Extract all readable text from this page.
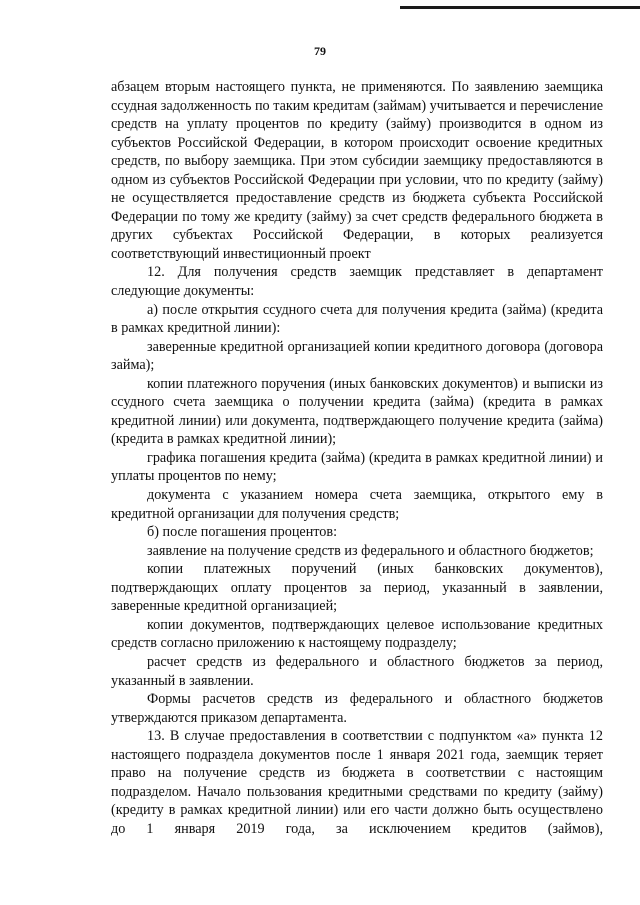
79

абзацем вторым настоящего пункта, не применяются. По заявлению заемщика ссудная задолженность по таким кредитам (займам) учитывается и перечисление средств на уплату процентов по кредиту (займу) производится в одном из субъектов Российской Федерации, в котором происходит освоение кредитных средств, по выбору заемщика. При этом субсидии заемщику предоставляются в одном из субъектов Российской Федерации при условии, что по кредиту (займу) не осуществляется предоставление средств из бюджета субъекта Российской Федерации по тому же кредиту (займу) за счет средств федерального бюджета в других субъектах Российской Федерации, в которых реализуется соответствующий инвестиционный проект

12. Для получения средств заемщик представляет в департамент следующие документы:

а) после открытия ссудного счета для получения кредита (займа) (кредита в рамках кредитной линии):

заверенные кредитной организацией копии кредитного договора (договора займа);

копии платежного поручения (иных банковских документов) и выписки из ссудного счета заемщика о получении кредита (займа) (кредита в рамках кредитной линии) или документа, подтверждающего получение кредита (займа) (кредита в рамках кредитной линии);

графика погашения кредита (займа) (кредита в рамках кредитной линии) и уплаты процентов по нему;

документа с указанием номера счета заемщика, открытого ему в кредитной организации для получения средств;

б) после погашения процентов:

заявление на получение средств из федерального и областного бюджетов;

копии платежных поручений (иных банковских документов), подтверждающих оплату процентов за период, указанный в заявлении, заверенные кредитной организацией;

копии документов, подтверждающих целевое использование кредитных средств согласно приложению к настоящему подразделу;

расчет средств из федерального и областного бюджетов за период, указанный в заявлении.

Формы расчетов средств из федерального и областного бюджетов утверждаются приказом департамента.

13. В случае предоставления в соответствии с подпунктом «а» пункта 12 настоящего подраздела документов после 1 января 2021 года, заемщик теряет право на получение средств из бюджета в соответствии с настоящим подразделом. Начало пользования кредитными средствами по кредиту (займу) (кредиту в рамках кредитной линии) или его части должно быть осуществлено до 1 января 2019 года, за исключением кредитов (займов),
